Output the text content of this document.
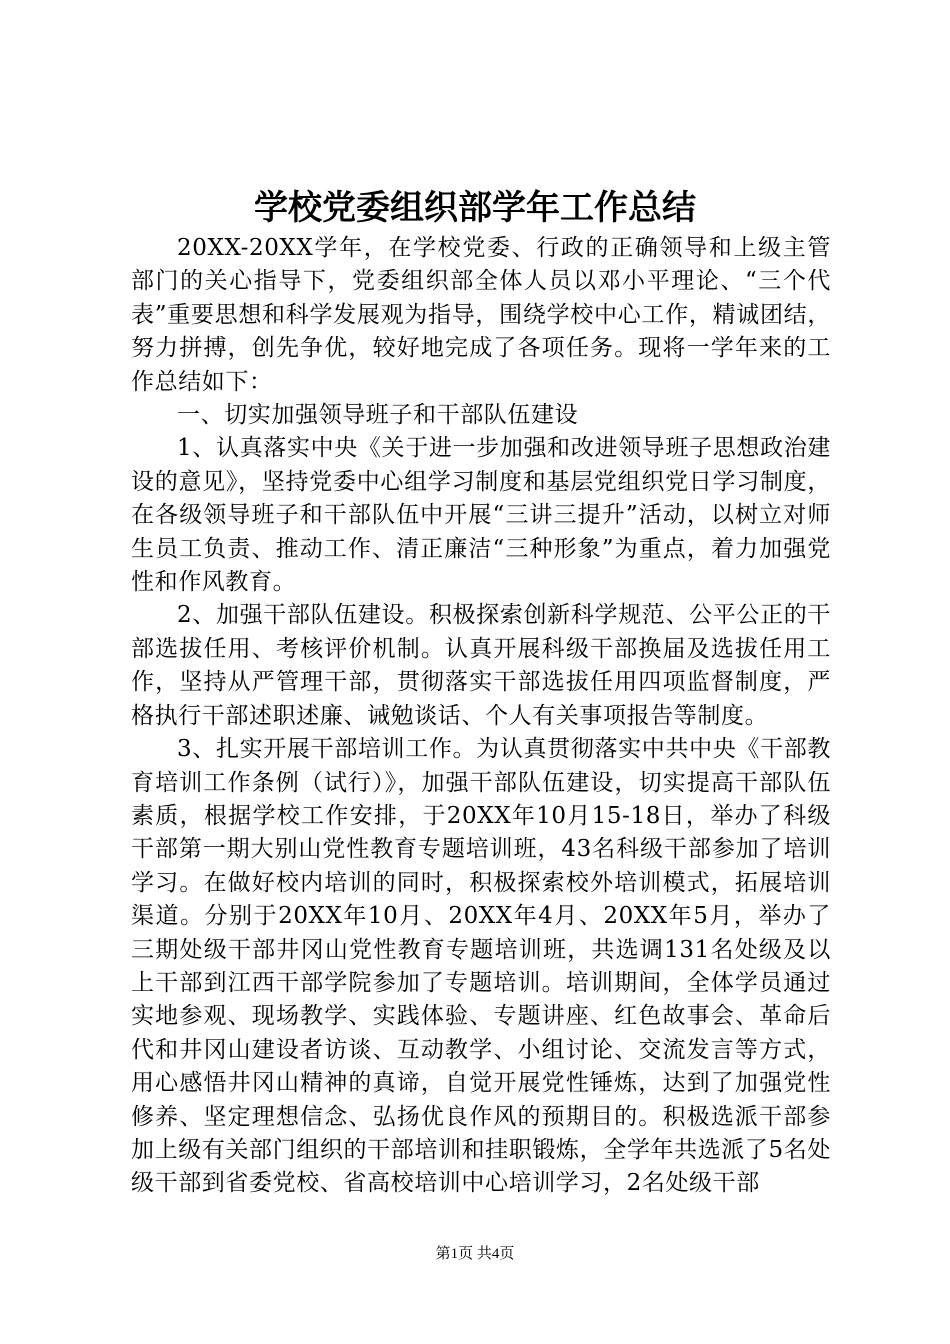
学校党委组织部学年工作总结

20XX-20XX学年，在学校党委、行政的正确领导和上级主管部门的关心指导下，党委组织部全体人员以邓小平理论、“三个代表”重要思想和科学发展观为指导，围绕学校中心工作，精诚团结，努力拼搏，创先争优，较好地完成了各项任务。现将一学年来的工作总结如下：

一、切实加强领导班子和干部队伍建设

1、认真落实中央《关于进一步加强和改进领导班子思想政治建设的意见》，坚持党委中心组学习制度和基层党组织党日学习制度，在各级领导班子和干部队伍中开展“三讲三提升”活动，以树立对师生员工负责、推动工作、清正廉洁“三种形象”为重点，着力加强党性和作风教育。

2、加强干部队伍建设。积极探索创新科学规范、公平公正的干部选拔任用、考核评价机制。认真开展科级干部换届及选拔任用工作，坚持从严管理干部，贯彻落实干部选拔任用四项监督制度，严格执行干部述职述廉、诫勉谈话、个人有关事项报告等制度。

3、扎实开展干部培训工作。为认真贯彻落实中共中央《干部教育培训工作条例（试行）》，加强干部队伍建设，切实提高干部队伍素质，根据学校工作安排，于20XX年10月15-18日，举办了科级干部第一期大别山党性教育专题培训班，43名科级干部参加了培训学习。在做好校内培训的同时，积极探索校外培训模式，拓展培训渠道。分别于20XX年10月、20XX年4月、20XX年5月，举办了三期处级干部井冈山党性教育专题培训班，共选调131名处级及以上干部到江西干部学院参加了专题培训。培训期间，全体学员通过实地参观、现场教学、实践体验、专题讲座、红色故事会、革命后代和井冈山建设者访谈、互动教学、小组讨论、交流发言等方式，用心感悟井冈山精神的真谛，自觉开展党性锤炼，达到了加强党性修养、坚定理想信念、弘扬优良作风的预期目的。积极选派干部参加上级有关部门组织的干部培训和挂职锻炼，全学年共选派了5名处级干部到省委党校、省高校培训中心培训学习，2名处级干部

第1页 共4页
